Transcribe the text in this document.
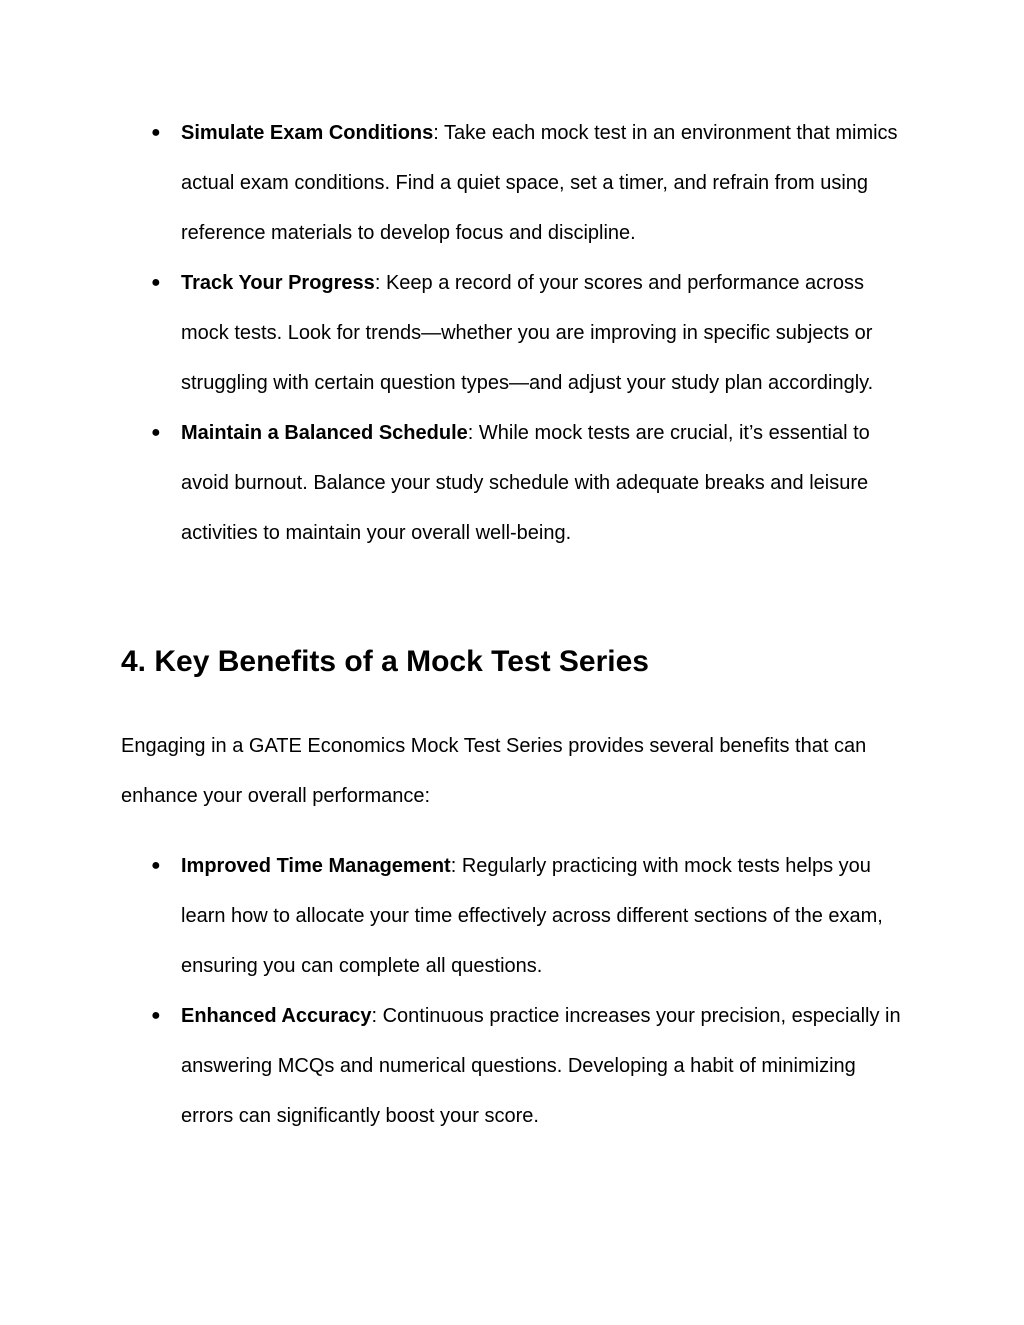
● Simulate Exam Conditions: Take each mock test in an environment that mimics actual exam conditions. Find a quiet space, set a timer, and refrain from using reference materials to develop focus and discipline.
● Track Your Progress: Keep a record of your scores and performance across mock tests. Look for trends—whether you are improving in specific subjects or struggling with certain question types—and adjust your study plan accordingly.
● Maintain a Balanced Schedule: While mock tests are crucial, it’s essential to avoid burnout. Balance your study schedule with adequate breaks and leisure activities to maintain your overall well-being.
4. Key Benefits of a Mock Test Series

Engaging in a GATE Economics Mock Test Series provides several benefits that can enhance your overall performance:

● Improved Time Management: Regularly practicing with mock tests helps you learn how to allocate your time effectively across different sections of the exam, ensuring you can complete all questions.
● Enhanced Accuracy: Continuous practice increases your precision, especially in answering MCQs and numerical questions. Developing a habit of minimizing errors can significantly boost your score.
